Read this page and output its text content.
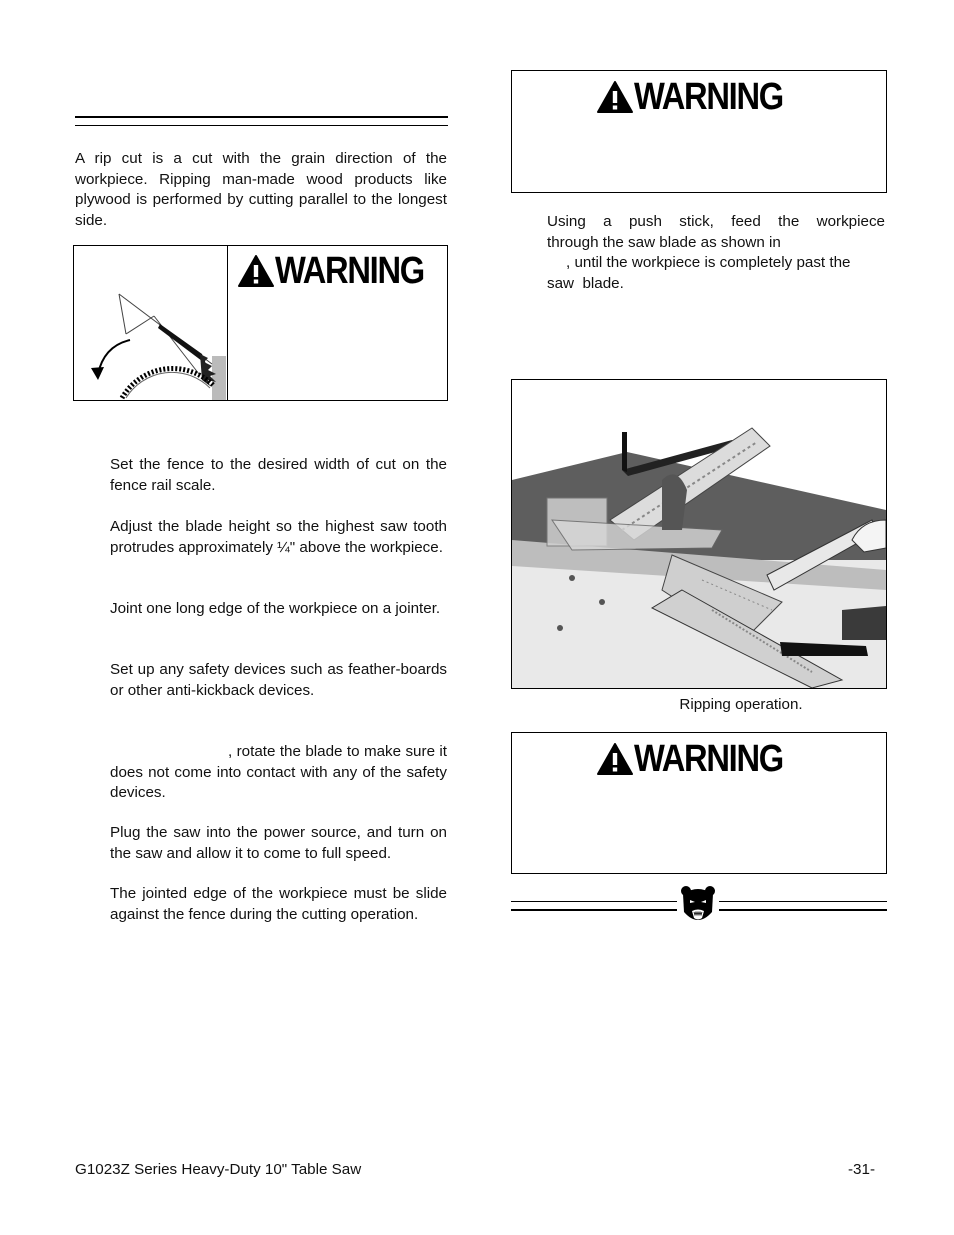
A rip cut is a cut with the grain direction of the workpiece. Ripping man-made wood products like plywood is performed by cutting parallel to the longest side.

WARNING

Set the fence to the desired width of cut on the fence rail scale.

Adjust the blade height so the highest saw tooth protrudes approximately ¼" above the workpiece.

Joint one long edge of the workpiece on a jointer.

Set up any safety devices such as feather-boards or other anti-kickback devices.

, rotate the blade to make sure it does not come into contact with any of the safety devices.

Plug the saw into the power source, and turn on the saw and allow it to come to full speed.

The jointed edge of the workpiece must be slide against the fence during the cutting operation.

WARNING
Using a push stick, feed the workpiece
through the saw blade as shown in
, until the workpiece is completely past the
saw  blade.
Ripping operation.
WARNING
G1023Z Series Heavy-Duty 10" Table Saw	-31-
